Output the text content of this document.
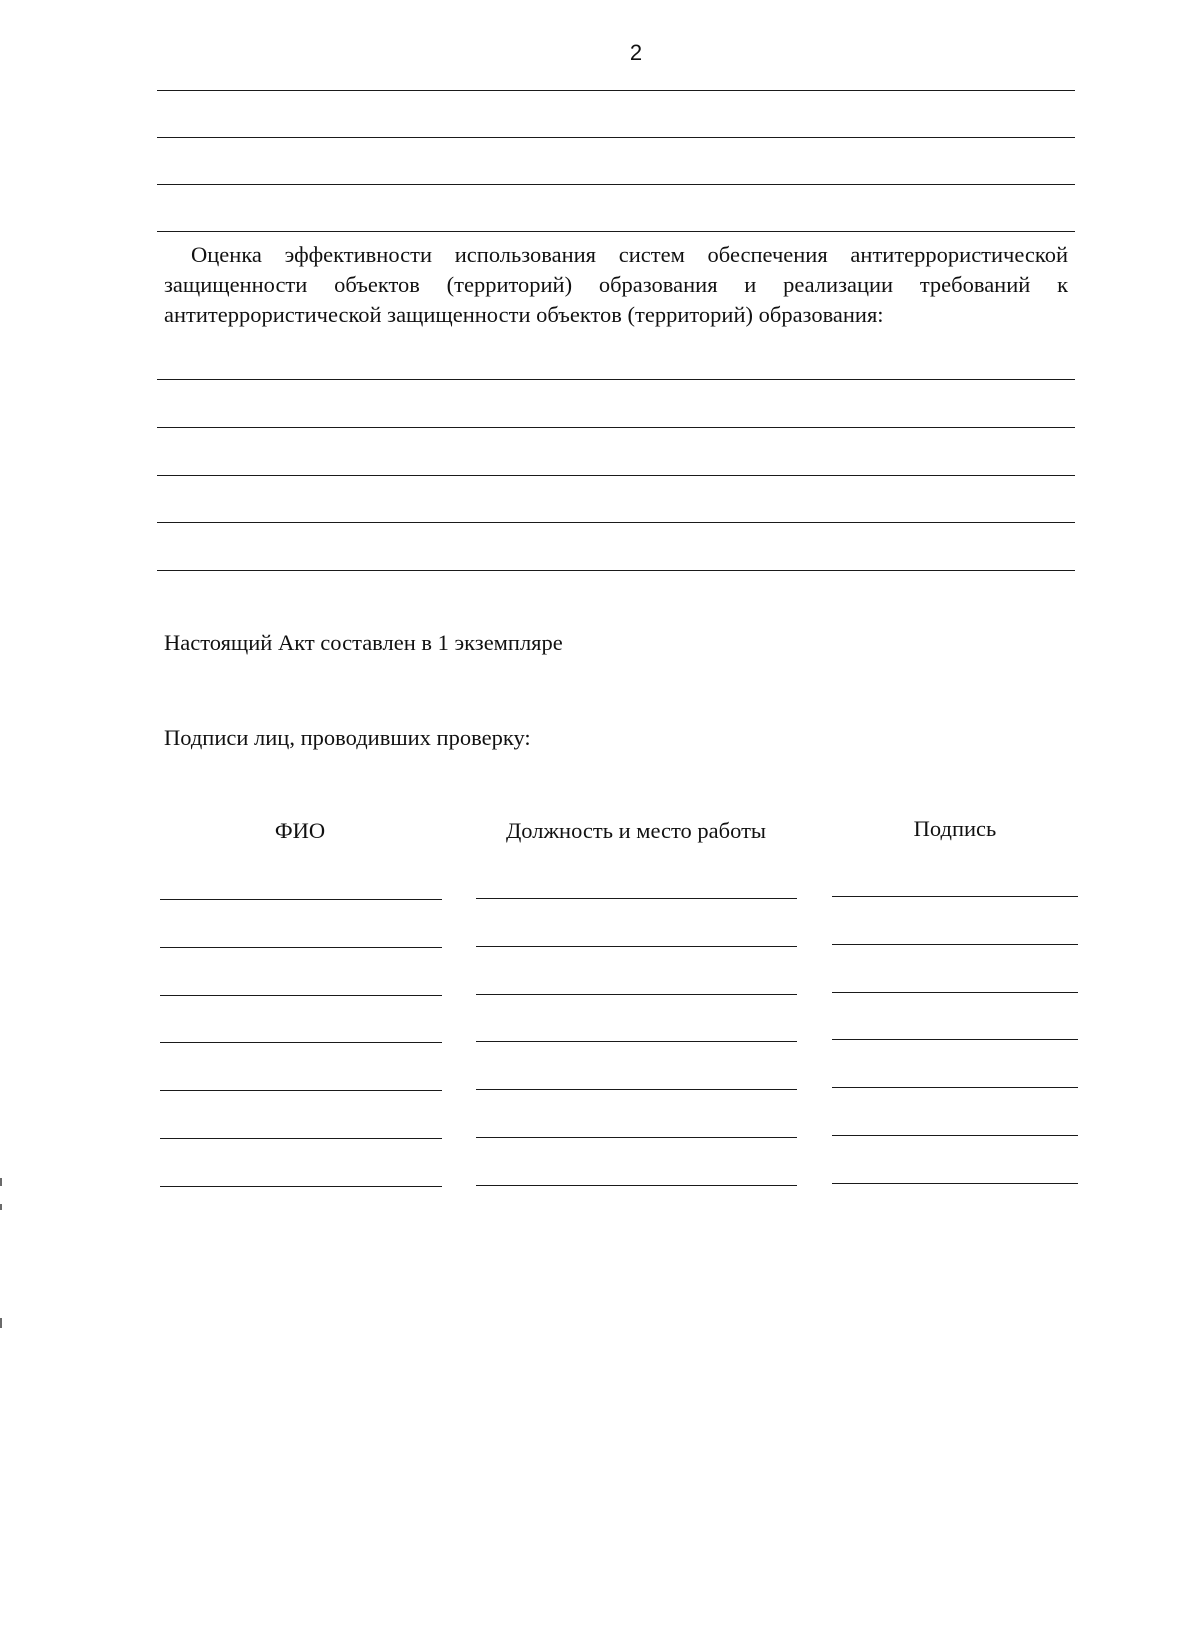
2
Оценка эффективности использования систем обеспечения антитеррористической защищенности объектов (территорий) образования и реализации требований к антитеррористической защищенности объектов (территорий) образования:
Настоящий Акт составлен в 1 экземпляре
Подписи лиц, проводивших проверку:
ФИО	Должность и место работы	Подпись
